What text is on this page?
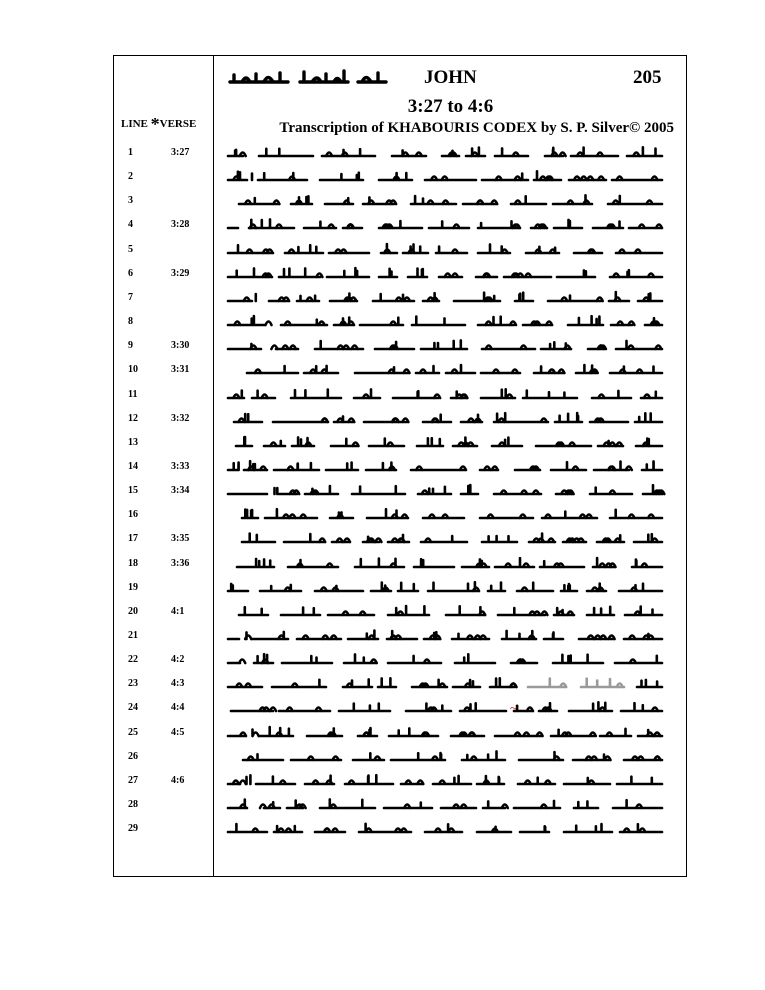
JOHN	205
3:27 to 4:6
Transcription of KHABOURIS CODEX by S. P. Silver© 2005
LINE *VERSE
1	3:27
2
3
4	3:28
5
6	3:29
7
8
9	3:30
10	3:31
11
12	3:32
13
14	3:33
15	3:34
16
17	3:35
18	3:36
19
20	4:1
21
22	4:2
23	4:3
24	4:4	~
25	4:5
26
27	4:6
28
29
